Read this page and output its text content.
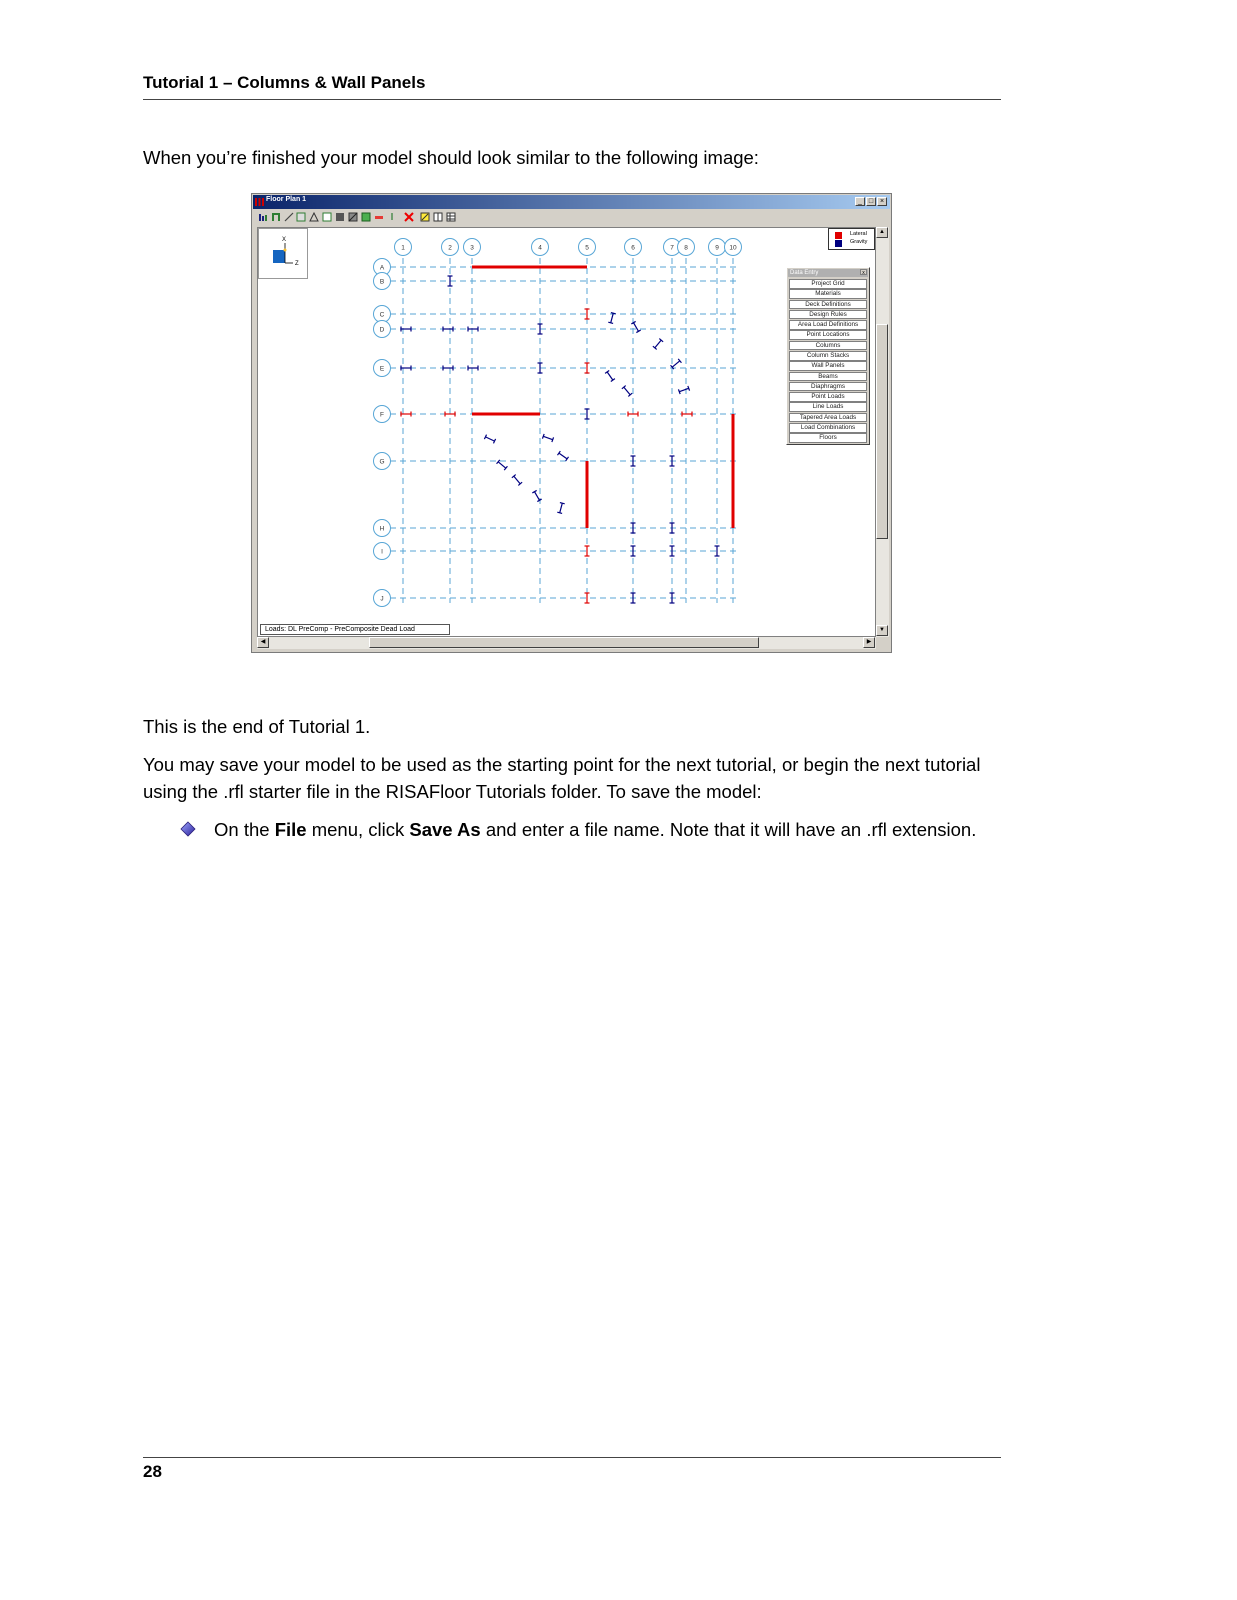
Tutorial 1 – Columns & Wall Panels
When you’re finished your model should look similar to the following image:
Floor Plan 1	_ □ ×
1	2	3	4	5	6	7 8	9 10
A
B
C
D
E
F
G
H
I
J
X
Z
Lateral
Gravity
Data Entry	x
Project Grid
Materials
Deck Definitions
Design Rules
Area Load Definitions
Point Locations
Columns
Column Stacks
Wall Panels
Beams
Diaphragms
Point Loads
Line Loads
Tapered Area Loads
Load Combinations
Floors
Loads: DL PreComp - PreComposite Dead Load
▲
▼
◀	▶
This is the end of Tutorial 1.
You may save your model to be used as the starting point for the next tutorial, or begin the next tutorial using the .rfl starter file in the RISAFloor Tutorials folder. To save the model:
On the File menu, click Save As and enter a file name. Note that it will have an .rfl extension.
28
